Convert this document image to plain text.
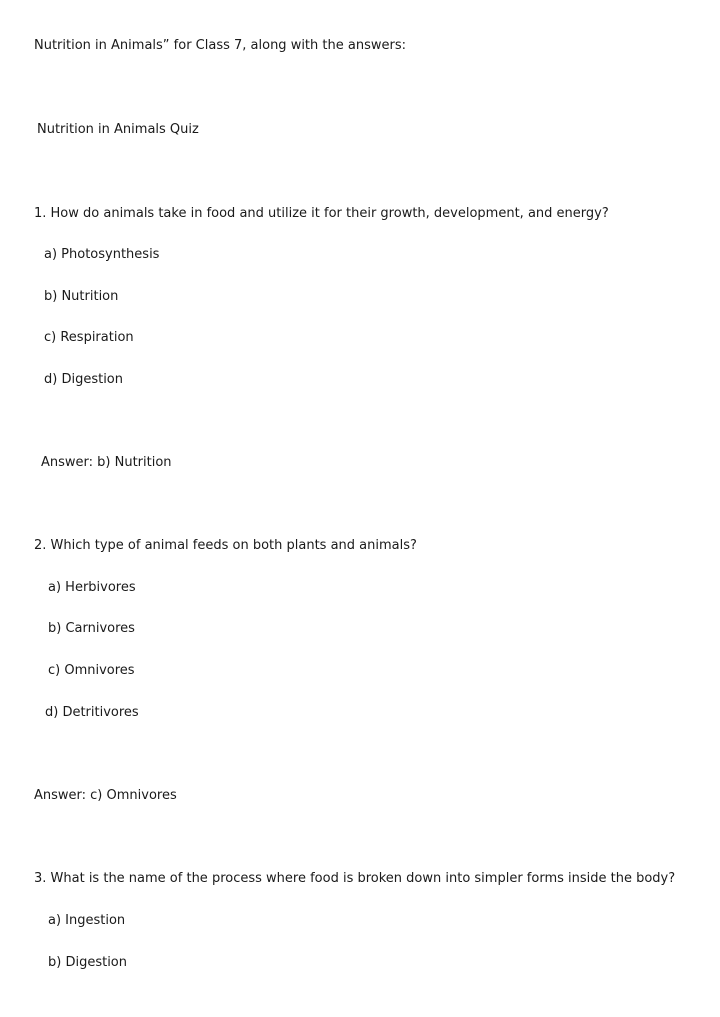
Nutrition in Animals” for Class 7, along with the answers:
Nutrition in Animals Quiz
1. How do animals take in food and utilize it for their growth, development, and energy?
a) Photosynthesis
b) Nutrition
c) Respiration
d) Digestion
Answer: b) Nutrition
2. Which type of animal feeds on both plants and animals?
a) Herbivores
b) Carnivores
c) Omnivores
d) Detritivores
Answer: c) Omnivores
3. What is the name of the process where food is broken down into simpler forms inside the body?
a) Ingestion
b) Digestion
